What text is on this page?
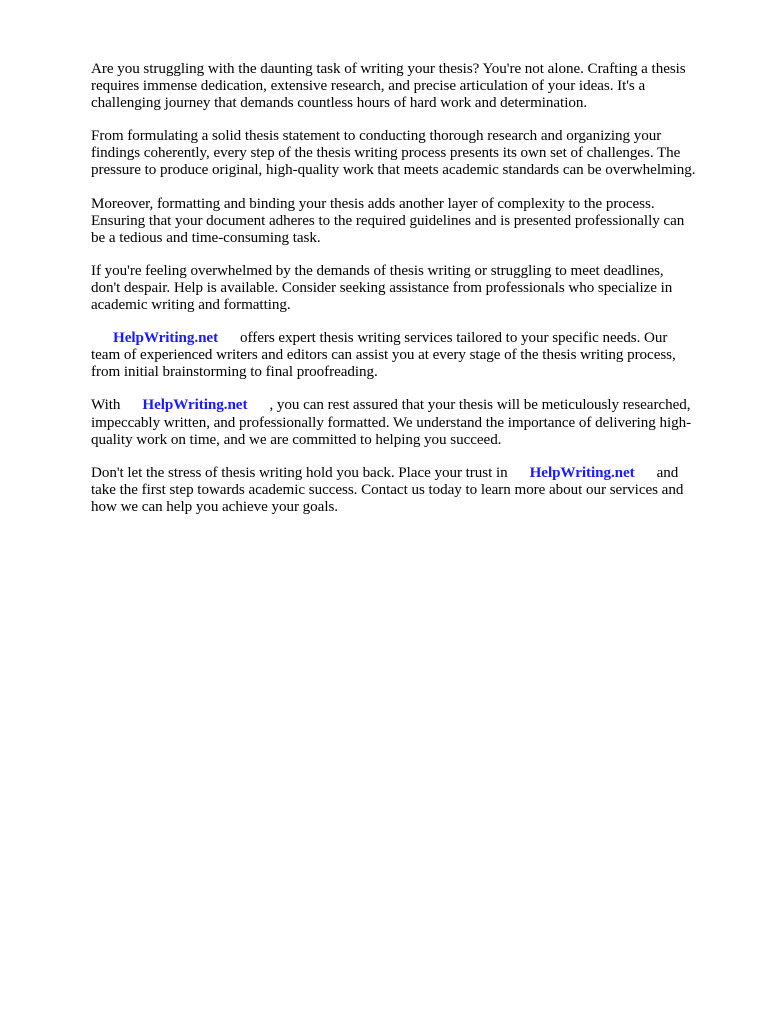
Are you struggling with the daunting task of writing your thesis? You're not alone. Crafting a thesis
requires immense dedication, extensive research, and precise articulation of your ideas. It's a
challenging journey that demands countless hours of hard work and determination.

From formulating a solid thesis statement to conducting thorough research and organizing your
findings coherently, every step of the thesis writing process presents its own set of challenges. The
pressure to produce original, high-quality work that meets academic standards can be overwhelming.

Moreover, formatting and binding your thesis adds another layer of complexity to the process.
Ensuring that your document adheres to the required guidelines and is presented professionally can
be a tedious and time-consuming task.

If you're feeling overwhelmed by the demands of thesis writing or struggling to meet deadlines,
don't despair. Help is available. Consider seeking assistance from professionals who specialize in
academic writing and formatting.

HelpWriting.net offers expert thesis writing services tailored to your specific needs. Our
team of experienced writers and editors can assist you at every stage of the thesis writing process,
from initial brainstorming to final proofreading.

With HelpWriting.net , you can rest assured that your thesis will be meticulously researched,
impeccably written, and professionally formatted. We understand the importance of delivering high-
quality work on time, and we are committed to helping you succeed.

Don't let the stress of thesis writing hold you back. Place your trust in HelpWriting.net and
take the first step towards academic success. Contact us today to learn more about our services and
how we can help you achieve your goals.
